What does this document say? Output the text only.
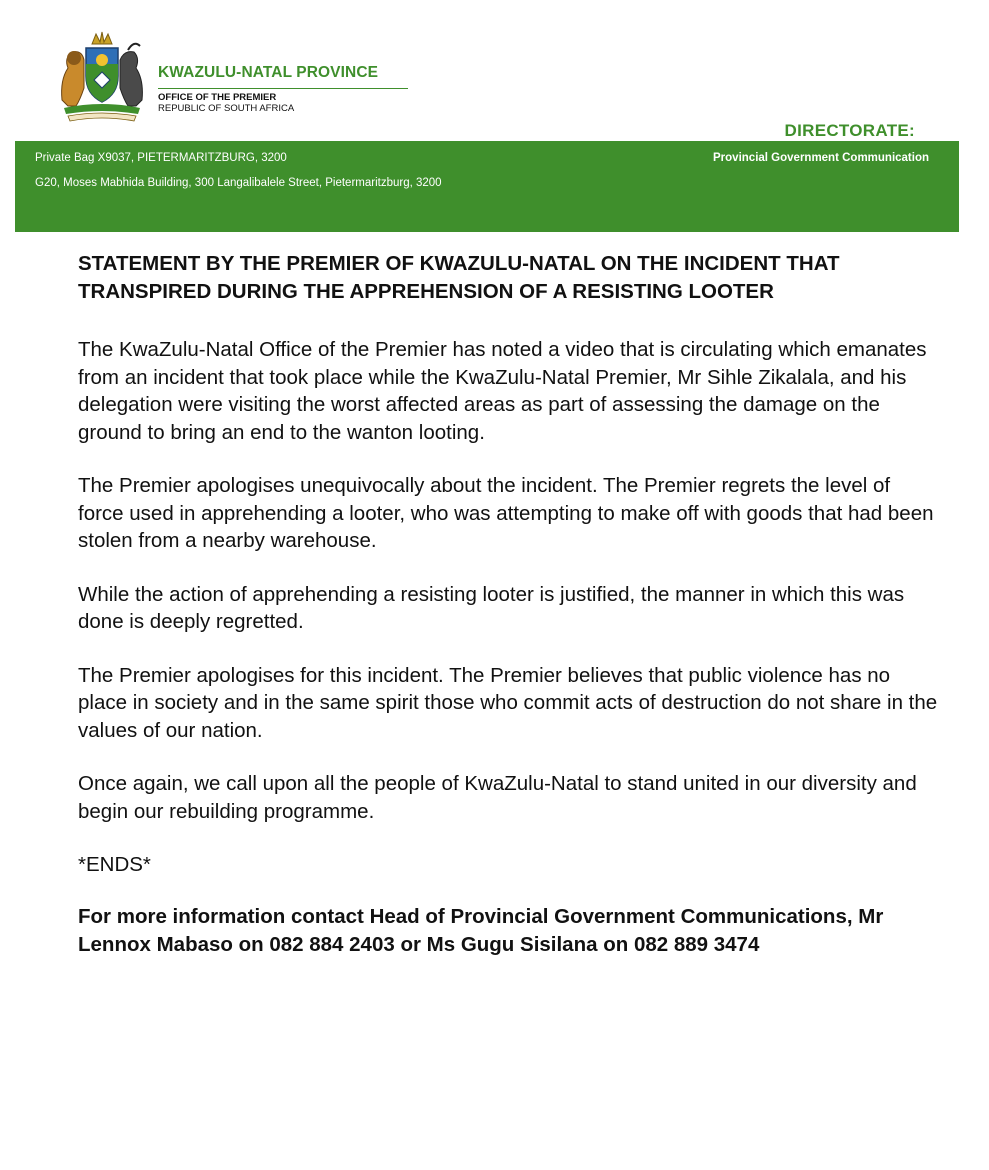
KWAZULU-NATAL PROVINCE
OFFICE OF THE PREMIER
REPUBLIC OF SOUTH AFRICA
DIRECTORATE:
Private Bag X9037, PIETERMARITZBURG, 3200
G20, Moses Mabhida Building, 300 Langalibalele Street, Pietermaritzburg, 3200
Provincial Government Communication
STATEMENT BY THE PREMIER OF KWAZULU-NATAL ON THE INCIDENT THAT TRANSPIRED DURING THE APPREHENSION OF A RESISTING LOOTER

The KwaZulu-Natal Office of the Premier has noted a video that is circulating which emanates from an incident that took place while the KwaZulu-Natal Premier, Mr Sihle Zikalala, and his delegation were visiting the worst affected areas as part of assessing the damage on the ground to bring an end to the wanton looting.

The Premier apologises unequivocally about the incident. The Premier regrets the level of force used in apprehending a looter, who was attempting to make off with goods that had been stolen from a nearby warehouse.

While the action of apprehending a resisting looter is justified, the manner in which this was done is deeply regretted.

The Premier apologises for this incident. The Premier believes that public violence has no place in society and in the same spirit those who commit acts of destruction do not share in the values of our nation.

Once again, we call upon all the people of KwaZulu-Natal to stand united in our diversity and begin our rebuilding programme.

*ENDS*

For more information contact Head of Provincial Government Communications, Mr Lennox Mabaso on 082 884 2403 or Ms Gugu Sisilana on 082 889 3474
